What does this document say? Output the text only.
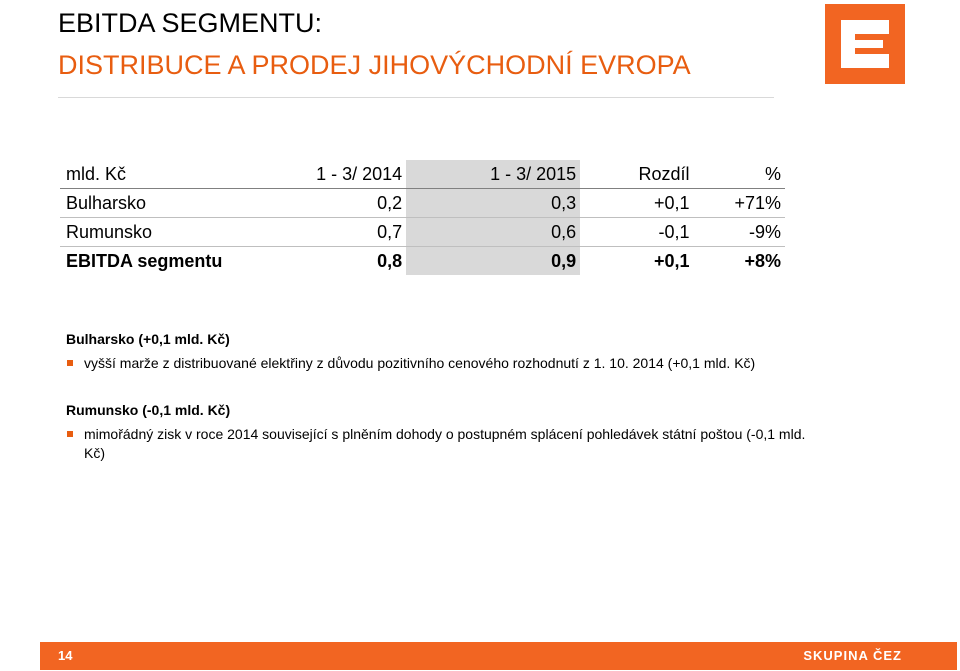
EBITDA SEGMENTU:
DISTRIBUCE A PRODEJ JIHOVÝCHODNÍ EVROPA
mld. Kč	1 - 3/ 2014	1 - 3/ 2015	Rozdíl	%
Bulharsko	0,2	0,3	+0,1	+71%
Rumunsko	0,7	0,6	-0,1	-9%
EBITDA segmentu	0,8	0,9	+0,1	+8%
Bulharsko (+0,1 mld. Kč)
vyšší marže z distribuované elektřiny z důvodu pozitivního cenového rozhodnutí z 1. 10. 2014 (+0,1 mld. Kč)
Rumunsko (-0,1 mld. Kč)
mimořádný zisk v roce 2014 související s plněním dohody o postupném splácení pohledávek státní poštou (-0,1 mld. Kč)
14	SKUPINA ČEZ
